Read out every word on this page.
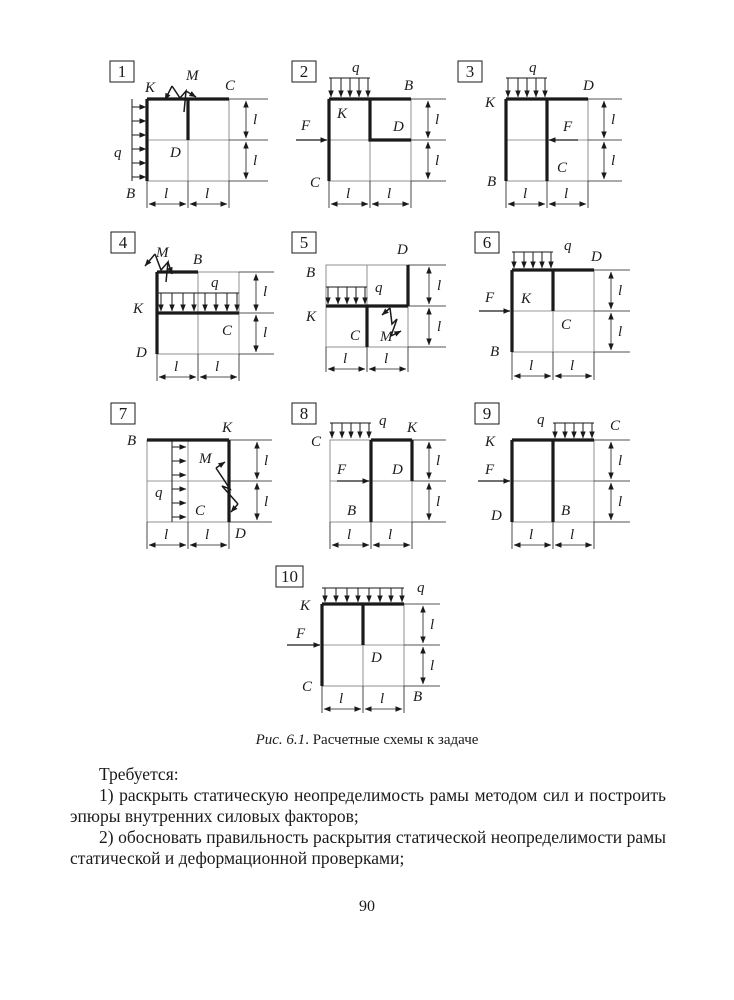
1
K
M
C
q	D
B l l
l
l
2	q
B
K
F	D
C
l l
l
l
3	q
D
K
F
C
B
l l
l
l
4
M B
q
K
C
D
l l
l
l
5	D
B
q
K
C M
l l
l
l
6	q
D
F K
C
B
l l
l
l
7
K
B
M
q
C
D
l l
l
l
8	q
C
K
F	D
B
l l
l
l
9	q	C
K
F
D	B
l l
l
l
10
q
K
F
D
C
B
l l
l
l
Рис. 6.1. Расчетные схемы к задаче

Требуется:

1) раскрыть статическую неопределимость рамы методом сил и построить эпюры внутренних силовых факторов;

2) обосновать правильность раскрытия статической неопределимости рамы статической и деформационной проверками;

90
